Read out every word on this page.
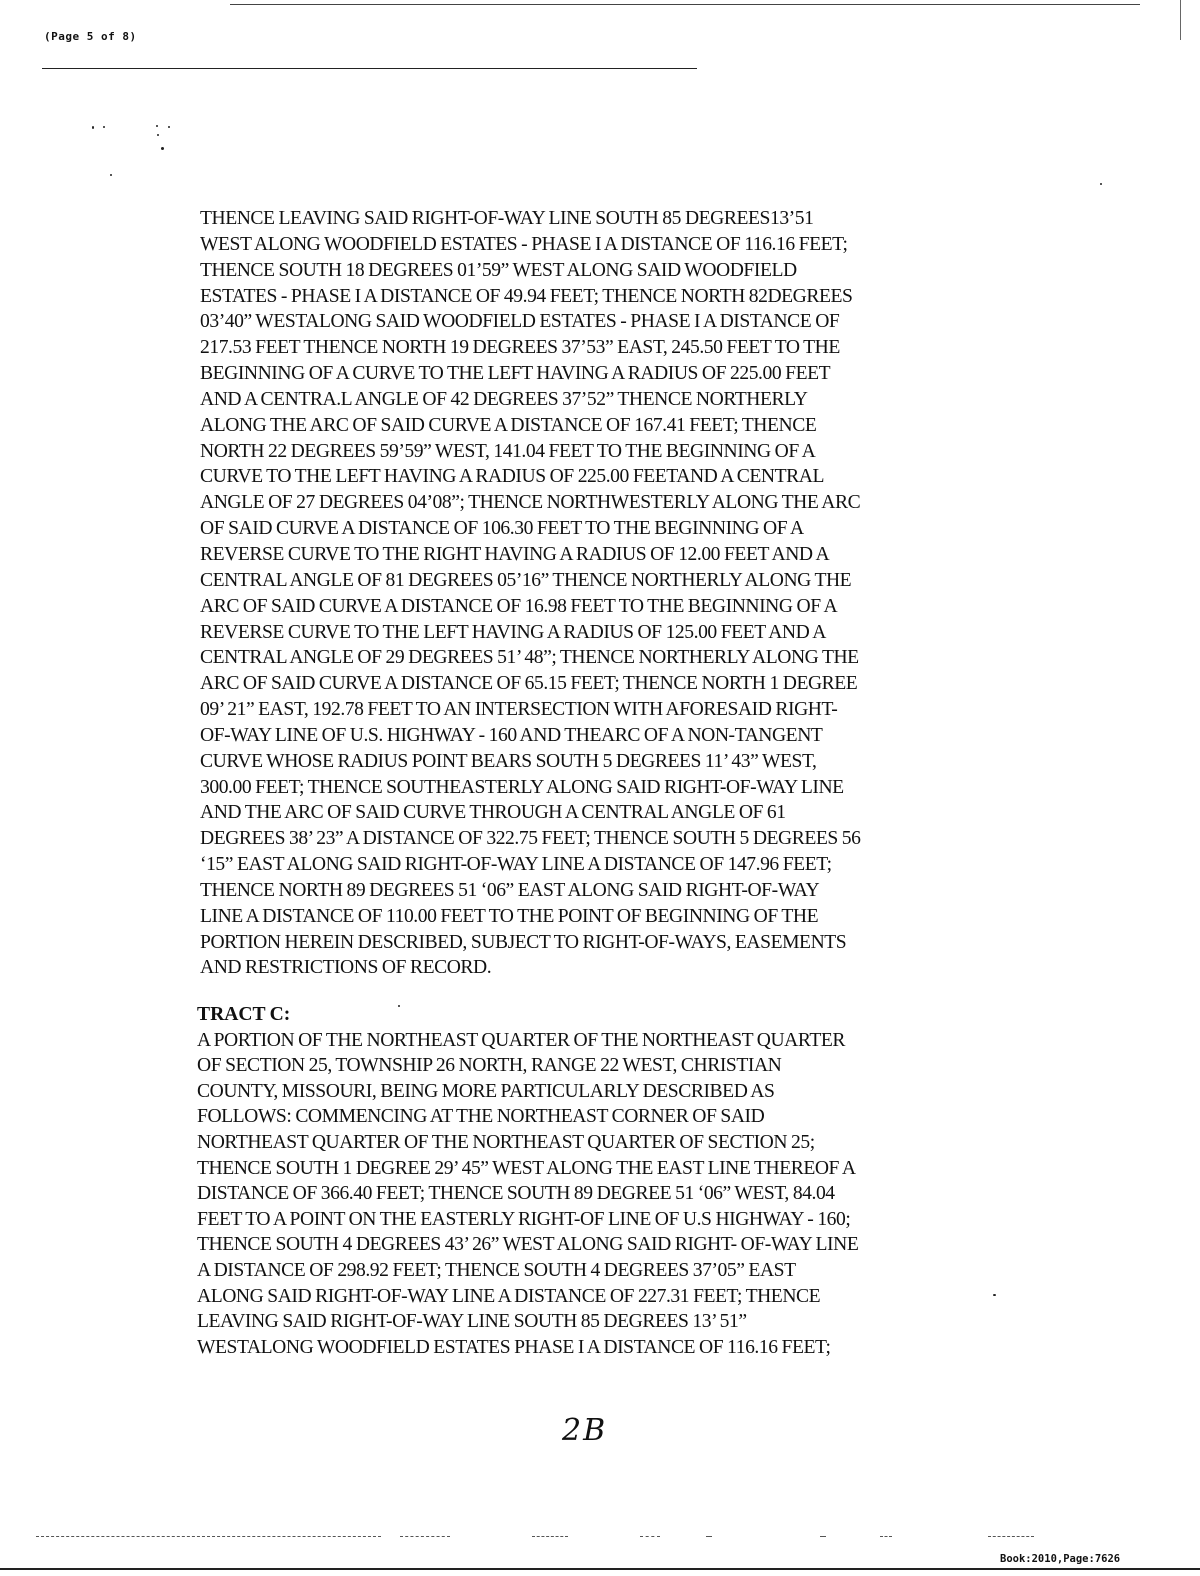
(Page 5 of 8)
THENCE LEAVING SAID RIGHT-OF-WAY LINE SOUTH 85 DEGREES13’51
WEST ALONG WOODFIELD ESTATES - PHASE I A DISTANCE OF 116.16 FEET;
THENCE SOUTH 18 DEGREES 01’59” WEST ALONG SAID WOODFIELD
ESTATES - PHASE I A DISTANCE OF 49.94 FEET; THENCE NORTH 82DEGREES
03’40” WESTALONG SAID WOODFIELD ESTATES - PHASE I A DISTANCE OF
217.53 FEET THENCE NORTH 19 DEGREES 37’53” EAST, 245.50 FEET TO THE
BEGINNING OF A CURVE TO THE LEFT HAVING A RADIUS OF 225.00 FEET
AND A CENTRA.L ANGLE OF 42 DEGREES 37’52” THENCE NORTHERLY
ALONG THE ARC OF SAID CURVE A DISTANCE OF 167.41 FEET; THENCE
NORTH 22 DEGREES 59’59” WEST, 141.04 FEET TO THE BEGINNING OF A
CURVE TO THE LEFT HAVING A RADIUS OF 225.00 FEETAND A CENTRAL
ANGLE OF 27 DEGREES 04’08”; THENCE NORTHWESTERLY ALONG THE ARC
OF SAID CURVE A DISTANCE OF 106.30 FEET TO THE BEGINNING OF A
REVERSE CURVE TO THE RIGHT HAVING A RADIUS OF 12.00 FEET AND A
CENTRAL ANGLE OF 81 DEGREES 05’16” THENCE NORTHERLY ALONG THE
ARC OF SAID CURVE A DISTANCE OF 16.98 FEET TO THE BEGINNING OF A
REVERSE CURVE TO THE LEFT HAVING A RADIUS OF 125.00 FEET AND A
CENTRAL ANGLE OF 29 DEGREES 51’ 48”; THENCE NORTHERLY ALONG THE
ARC OF SAID CURVE A DISTANCE OF 65.15 FEET; THENCE NORTH 1 DEGREE
09’ 21” EAST, 192.78 FEET TO AN INTERSECTION WITH AFORESAID RIGHT-
OF-WAY LINE OF U.S. HIGHWAY - 160 AND THEARC OF A NON-TANGENT
CURVE WHOSE RADIUS POINT BEARS SOUTH 5 DEGREES 11’ 43” WEST,
300.00 FEET; THENCE SOUTHEASTERLY ALONG SAID RIGHT-OF-WAY LINE
AND THE ARC OF SAID CURVE THROUGH A CENTRAL ANGLE OF 61
DEGREES 38’ 23” A DISTANCE OF 322.75 FEET; THENCE SOUTH 5 DEGREES 56
‘15” EAST ALONG SAID RIGHT-OF-WAY LINE A DISTANCE OF 147.96 FEET;
THENCE NORTH 89 DEGREES 51 ‘06” EAST ALONG SAID RIGHT-OF-WAY
LINE A DISTANCE OF 110.00 FEET TO THE POINT OF BEGINNING OF THE
PORTION HEREIN DESCRIBED, SUBJECT TO RIGHT-OF-WAYS, EASEMENTS
AND RESTRICTIONS OF RECORD.
TRACT C:
A PORTION OF THE NORTHEAST QUARTER OF THE NORTHEAST QUARTER
OF SECTION 25, TOWNSHIP 26 NORTH, RANGE 22 WEST, CHRISTIAN
COUNTY, MISSOURI, BEING MORE PARTICULARLY DESCRIBED AS
FOLLOWS: COMMENCING AT THE NORTHEAST CORNER OF SAID
NORTHEAST QUARTER OF THE NORTHEAST QUARTER OF SECTION 25;
THENCE SOUTH 1 DEGREE 29’ 45” WEST ALONG THE EAST LINE THEREOF A
DISTANCE OF 366.40 FEET; THENCE SOUTH 89 DEGREE 51 ‘06” WEST, 84.04
FEET TO A POINT ON THE EASTERLY RIGHT-OF LINE OF U.S HIGHWAY - 160;
THENCE SOUTH 4 DEGREES 43’ 26” WEST ALONG SAID RIGHT- OF-WAY LINE
A DISTANCE OF 298.92 FEET; THENCE SOUTH 4 DEGREES 37’05” EAST
ALONG SAID RIGHT-OF-WAY LINE A DISTANCE OF 227.31 FEET; THENCE
LEAVING SAID RIGHT-OF-WAY LINE SOUTH 85 DEGREES 13’ 51”
WESTALONG WOODFIELD ESTATES PHASE I A DISTANCE OF 116.16 FEET;
2B
Book:2010,Page:7626
